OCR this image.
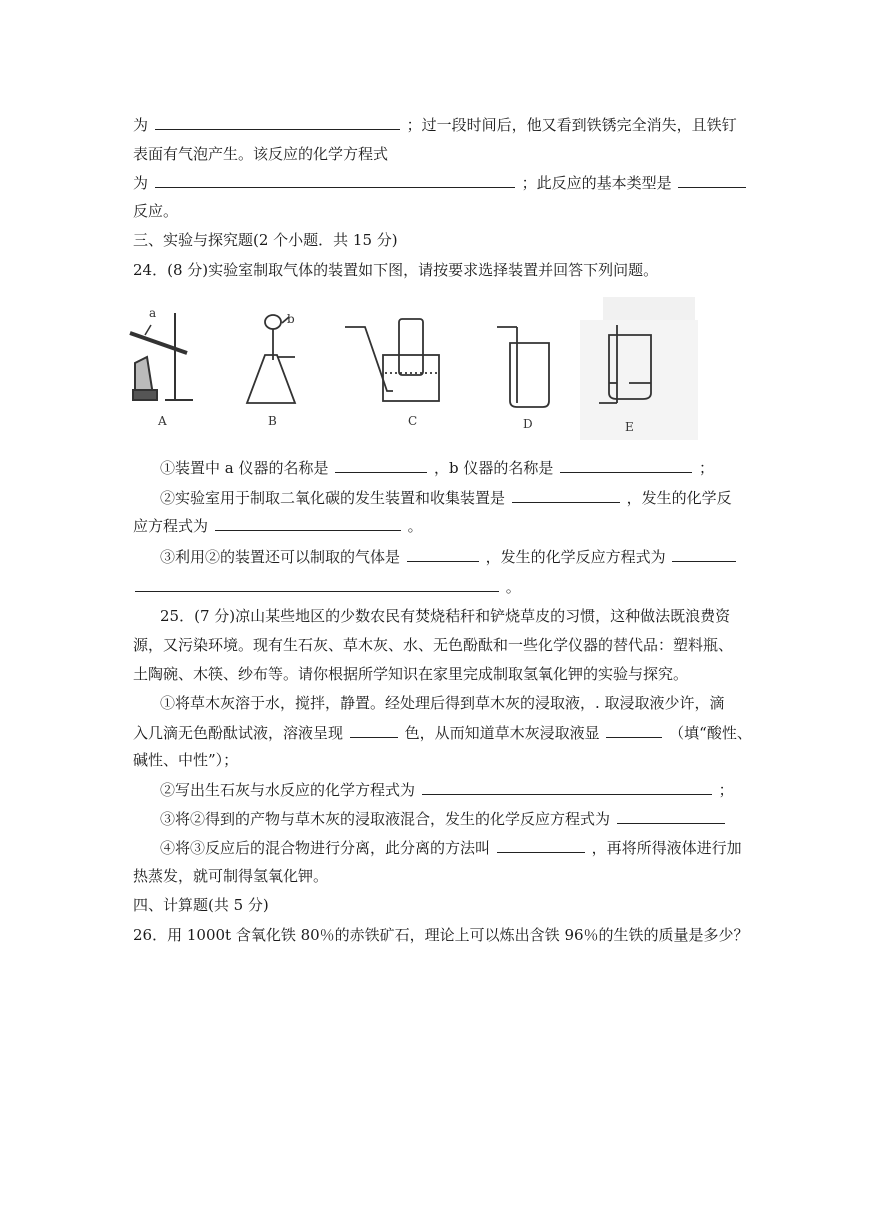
为	；过一段时间后，他又看到铁锈完全消失，且铁钉
表面有气泡产生。该反应的化学方程式
为	；此反应的基本类型是
反应。
三、实验与探究题(2 个小题．共 15 分)
24．(8 分)实验室制取气体的装置如下图，请按要求选择装置并回答下列问题。
a
A
b
B	C	D	E
①装置中 a 仪器的名称是	，b 仪器的名称是	；
②实验室用于制取二氧化碳的发生装置和收集装置是	，发生的化学反
应方程式为	。
③利用②的装置还可以制取的气体是	，发生的化学反应方程式为
。
25．(7 分)凉山某些地区的少数农民有焚烧秸秆和铲烧草皮的习惯，这种做法既浪费资
源，又污染环境。现有生石灰、草木灰、水、无色酚酞和一些化学仪器的替代品：塑料瓶、
土陶碗、木筷、纱布等。请你根据所学知识在家里完成制取氢氧化钾的实验与探究。
①将草木灰溶于水，搅拌，静置。经处理后得到草木灰的浸取液，. 取浸取液少许，滴
入几滴无色酚酞试液，溶液呈现	色，从而知道草木灰浸取液显	（填“酸性、
碱性、中性”）；
②写出生石灰与水反应的化学方程式为	；
③将②得到的产物与草木灰的浸取液混合，发生的化学反应方程式为
④将③反应后的混合物进行分离，此分离的方法叫	，再将所得液体进行加
热蒸发，就可制得氢氧化钾。
四、计算题(共 5 分)
26．用 1000t 含氧化铁 80％的赤铁矿石，理论上可以炼出含铁 96％的生铁的质量是多少？
